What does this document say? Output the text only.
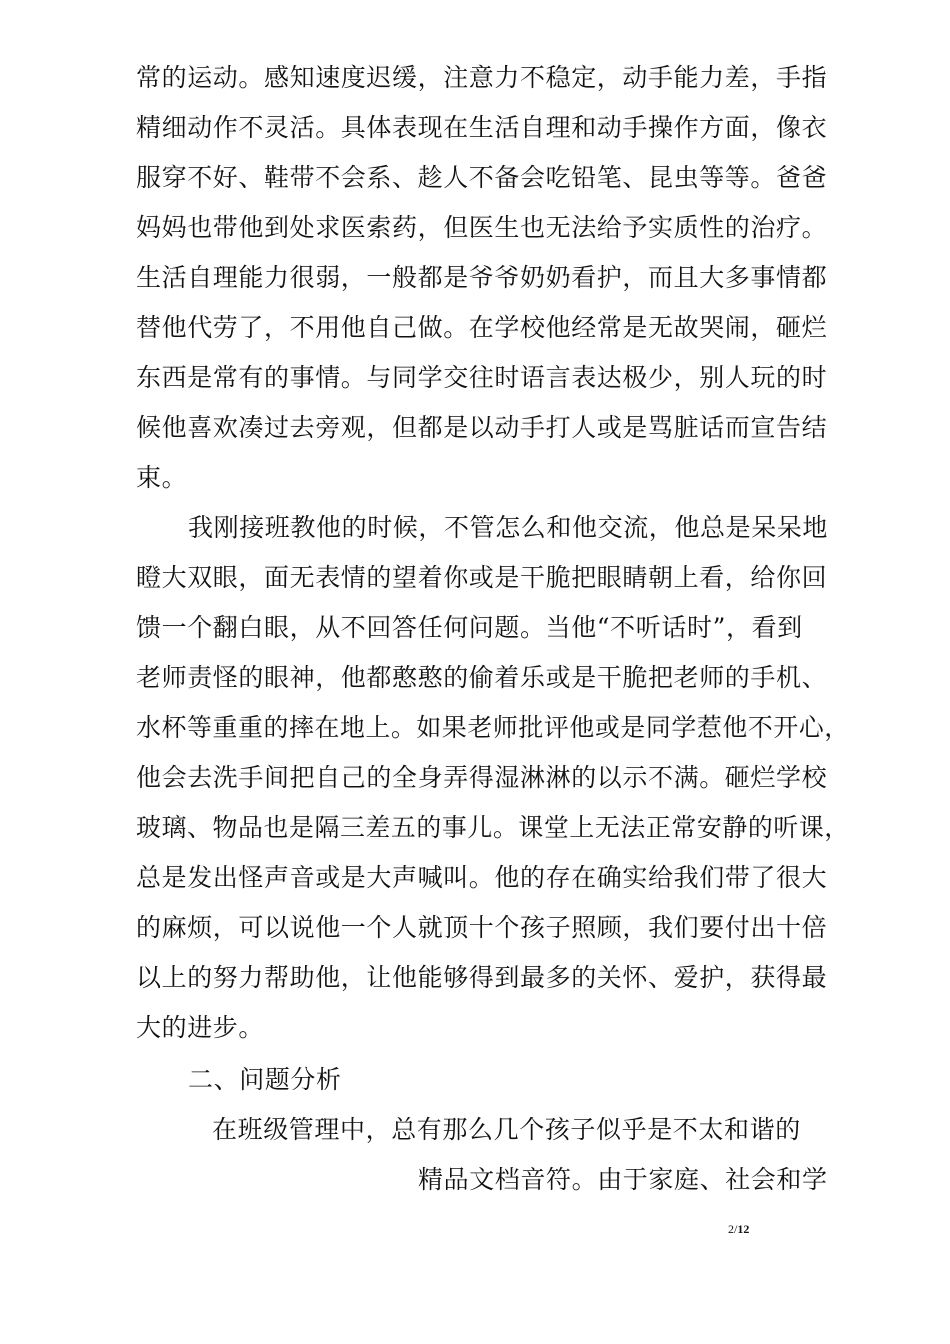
常的运动。感知速度迟缓，注意力不稳定，动手能力差，手指
精细动作不灵活。具体表现在生活自理和动手操作方面，像衣
服穿不好、鞋带不会系、趁人不备会吃铅笔、昆虫等等。爸爸
妈妈也带他到处求医索药，但医生也无法给予实质性的治疗。
生活自理能力很弱，一般都是爷爷奶奶看护，而且大多事情都
替他代劳了，不用他自己做。在学校他经常是无故哭闹，砸烂
东西是常有的事情。与同学交往时语言表达极少，别人玩的时
候他喜欢凑过去旁观，但都是以动手打人或是骂脏话而宣告结
束。
我刚接班教他的时候，不管怎么和他交流，他总是呆呆地
瞪大双眼，面无表情的望着你或是干脆把眼睛朝上看，给你回
馈一个翻白眼，从不回答任何问题。当他“不听话时”，看到
老师责怪的眼神，他都憨憨的偷着乐或是干脆把老师的手机、
水杯等重重的摔在地上。如果老师批评他或是同学惹他不开心，
他会去洗手间把自己的全身弄得湿淋淋的以示不满。砸烂学校
玻璃、物品也是隔三差五的事儿。课堂上无法正常安静的听课，
总是发出怪声音或是大声喊叫。他的存在确实给我们带了很大
的麻烦，可以说他一个人就顶十个孩子照顾，我们要付出十倍
以上的努力帮助他，让他能够得到最多的关怀、爱护，获得最
大的进步。
二、问题分析
在班级管理中，总有那么几个孩子似乎是不太和谐的
精品文档音符。由于家庭、社会和学
2/12
